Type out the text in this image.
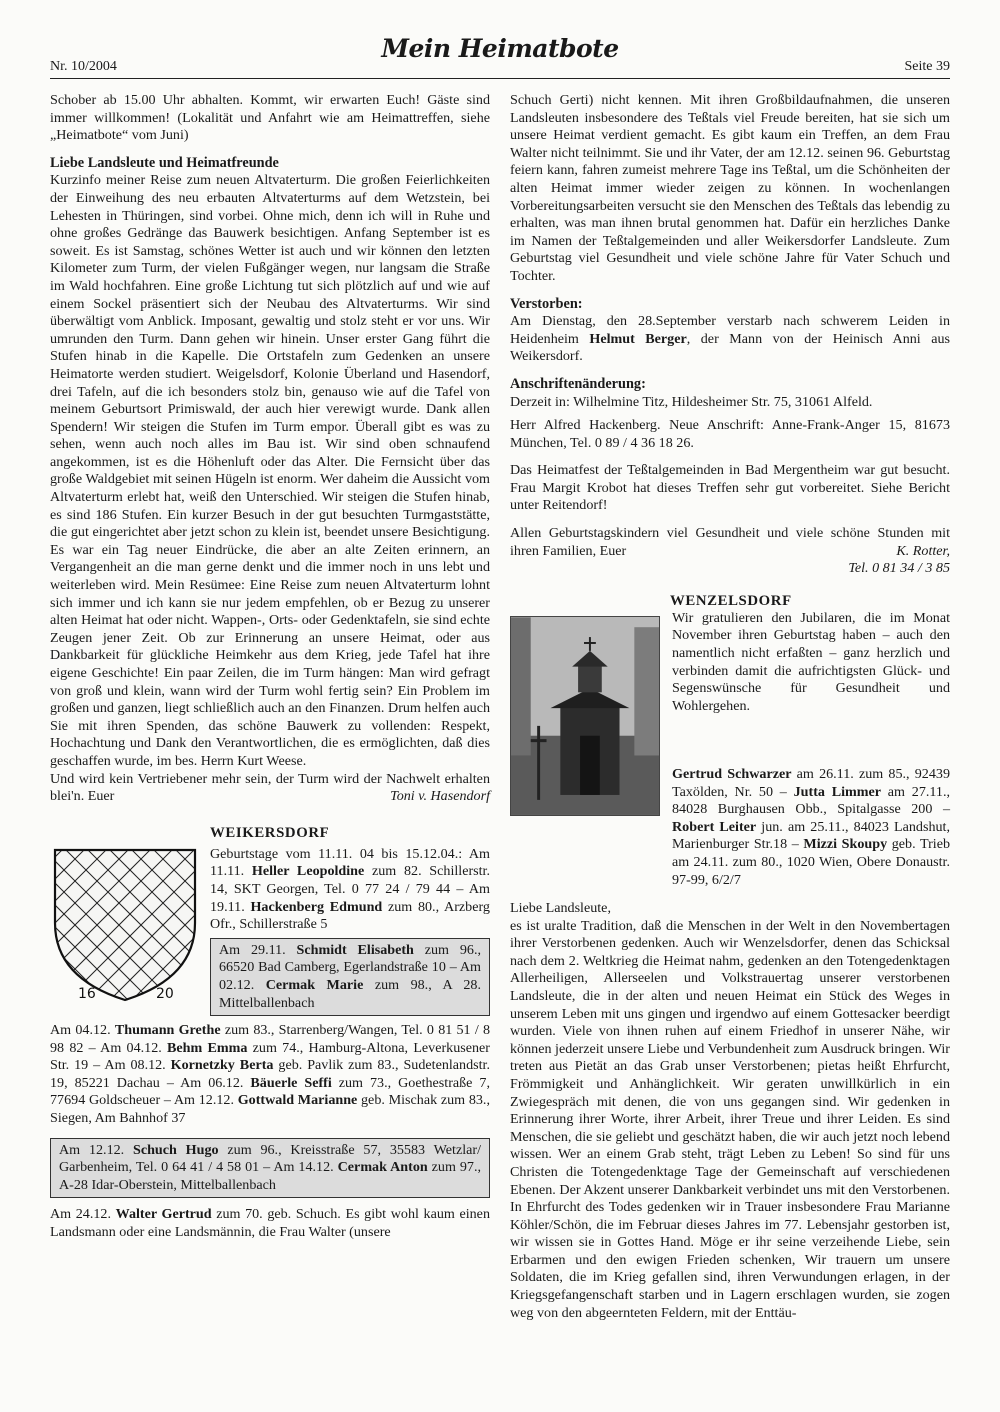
Nr. 10/2004
Mein Heimatbote
Seite 39

Schober ab 15.00 Uhr abhalten. Kommt, wir erwarten Euch! Gäste sind immer willkommen! (Lokalität und Anfahrt wie am Heimattreffen, siehe „Heimatbote“ vom Juni)

Liebe Landsleute und Heimatfreunde

Kurzinfo meiner Reise zum neuen Altvaterturm. Die großen Feierlichkeiten der Einweihung des neu erbauten Altvaterturms auf dem Wetzstein, bei Lehesten in Thüringen, sind vorbei. Ohne mich, denn ich will in Ruhe und ohne großes Gedränge das Bauwerk besichtigen. Anfang September ist es soweit. Es ist Samstag, schönes Wetter ist auch und wir können den letzten Kilometer zum Turm, der vielen Fußgänger wegen, nur langsam die Straße im Wald hochfahren. Eine große Lichtung tut sich plötzlich auf und wie auf einem Sockel präsentiert sich der Neubau des Altvaterturms. Wir sind überwältigt vom Anblick. Imposant, gewaltig und stolz steht er vor uns. Wir umrunden den Turm. Dann gehen wir hinein. Unser erster Gang führt die Stufen hinab in die Kapelle. Die Ortstafeln zum Gedenken an unsere Heimatorte werden studiert. Weigelsdorf, Kolonie Überland und Hasendorf, drei Tafeln, auf die ich besonders stolz bin, genauso wie auf die Tafel von meinem Geburtsort Primiswald, der auch hier verewigt wurde. Dank allen Spendern! Wir steigen die Stufen im Turm empor. Überall gibt es was zu sehen, wenn auch noch alles im Bau ist. Wir sind oben schnaufend angekommen, ist es die Höhenluft oder das Alter. Die Fernsicht über das große Waldgebiet mit seinen Hügeln ist enorm. Wer daheim die Aussicht vom Altvaterturm erlebt hat, weiß den Unterschied. Wir steigen die Stufen hinab, es sind 186 Stufen. Ein kurzer Besuch in der gut besuchten Turmgaststätte, die gut eingerichtet aber jetzt schon zu klein ist, beendet unsere Besichtigung. Es war ein Tag neuer Eindrücke, die aber an alte Zeiten erinnern, an Vergangenheit an die man gerne denkt und die immer noch in uns lebt und weiterleben wird. Mein Resümee: Eine Reise zum neuen Altvaterturm lohnt sich immer und ich kann sie nur jedem empfehlen, ob er Bezug zu unserer alten Heimat hat oder nicht. Wappen-, Orts- oder Gedenktafeln, sie sind echte Zeugen jener Zeit. Ob zur Erinnerung an unsere Heimat, oder aus Dankbarkeit für glückliche Heimkehr aus dem Krieg, jede Tafel hat ihre eigene Geschichte! Ein paar Zeilen, die im Turm hängen: Man wird gefragt von groß und klein, wann wird der Turm wohl fertig sein? Ein Problem im großen und ganzen, liegt schließlich auch an den Finanzen. Drum helfen auch Sie mit ihren Spenden, das schöne Bauwerk zu vollenden: Respekt, Hochachtung und Dank den Verantwortlichen, die es ermöglichten, daß dies geschaffen wurde, im bes. Herrn Kurt Weese.

Und wird kein Vertriebener mehr sein, der Turm wird der Nachwelt erhalten blei'n. Euer	Toni v. Hasendorf

16	20
WEIKERSDORF

Geburtstage vom 11.11. 04 bis 15.12.04.: Am 11.11. Heller Leopoldine zum 82. Schillerstr. 14, SKT Georgen, Tel. 0 77 24 / 79 44 – Am 19.11. Hackenberg Edmund zum 80., Arzberg Ofr., Schillerstraße 5

Am 29.11. Schmidt Elisabeth zum 96., 66520 Bad Camberg, Egerlandstraße 10 – Am 02.12. Cermak Marie zum 98., A 28. Mittelballenbach

Am 04.12. Thumann Grethe zum 83., Starrenberg/Wangen, Tel. 0 81 51 / 8 98 82 – Am 04.12. Behm Emma zum 74., Hamburg-Altona, Leverkusener Str. 19 – Am 08.12. Kornetzky Berta geb. Pavlik zum 83., Sudetenlandstr. 19, 85221 Dachau – Am 06.12. Bäuerle Seffi zum 73., Goethestraße 7, 77694 Goldscheuer – Am 12.12. Gottwald Marianne geb. Mischak zum 83., Siegen, Am Bahnhof 37

Am 12.12. Schuch Hugo zum 96., Kreisstraße 57, 35583 Wetzlar/ Garbenheim, Tel. 0 64 41 / 4 58 01 – Am 14.12. Cermak Anton zum 97., A-28 Idar-Oberstein, Mittelballenbach

Am 24.12. Walter Gertrud zum 70. geb. Schuch. Es gibt wohl kaum einen Landsmann oder eine Landsmännin, die Frau Walter (unsere

Schuch Gerti) nicht kennen. Mit ihren Großbildaufnahmen, die unseren Landsleuten insbesondere des Teßtals viel Freude bereiten, hat sie sich um unsere Heimat verdient gemacht. Es gibt kaum ein Treffen, an dem Frau Walter nicht teilnimmt. Sie und ihr Vater, der am 12.12. seinen 96. Geburtstag feiern kann, fahren zumeist mehrere Tage ins Teßtal, um die Schönheiten der alten Heimat immer wieder zeigen zu können. In wochenlangen Vorbereitungsarbeiten versucht sie den Menschen des Teßtals das lebendig zu erhalten, was man ihnen brutal genommen hat. Dafür ein herzliches Danke im Namen der Teßtalgemeinden und aller Weikersdorfer Landsleute. Zum Geburtstag viel Gesundheit und viele schöne Jahre für Vater Schuch und Tochter.

Verstorben:

Am Dienstag, den 28.September verstarb nach schwerem Leiden in Heidenheim Helmut Berger, der Mann von der Heinisch Anni aus Weikersdorf.

Anschriftenänderung:

Derzeit in: Wilhelmine Titz, Hildesheimer Str. 75, 31061 Alfeld.

Herr Alfred Hackenberg. Neue Anschrift: Anne-Frank-Anger 15, 81673 München, Tel. 0 89 / 4 36 18 26.

Das Heimatfest der Teßtalgemeinden in Bad Mergentheim war gut besucht. Frau Margit Krobot hat dieses Treffen sehr gut vorbereitet. Siehe Bericht unter Reitendorf!

Allen Geburtstagskindern viel Gesundheit und viele schöne Stunden mit ihren Familien, Euer	K. Rotter,

Tel. 0 81 34 / 3 85

WENZELSDORF

Wir gratulieren den Jubilaren, die im Monat November ihren Geburtstag haben – auch den namentlich nicht erfaßten – ganz herzlich und verbinden damit die aufrichtigsten Glück- und Segenswünsche für Gesundheit und Wohlergehen.

Gertrud Schwarzer am 26.11. zum 85., 92439 Taxölden, Nr. 50 – Jutta Limmer am 27.11., 84028 Burghausen Obb., Spitalgasse 200 – Robert Leiter jun. am 25.11., 84023 Landshut, Marienburger Str.18 – Mizzi Skoupy geb. Trieb am 24.11. zum 80., 1020 Wien, Obere Donaustr. 97-99, 6/2/7

Liebe Landsleute,

es ist uralte Tradition, daß die Menschen in der Welt in den Novembertagen ihrer Verstorbenen gedenken. Auch wir Wenzelsdorfer, denen das Schicksal nach dem 2. Weltkrieg die Heimat nahm, gedenken an den Totengedenktagen Allerheiligen, Allerseelen und Volkstrauertag unserer verstorbenen Landsleute, die in der alten und neuen Heimat ein Stück des Weges in unserem Leben mit uns gingen und irgendwo auf einem Gottesacker beerdigt wurden. Viele von ihnen ruhen auf einem Friedhof in unserer Nähe, wir können jederzeit unsere Liebe und Verbundenheit zum Ausdruck bringen. Wir treten aus Pietät an das Grab unser Verstorbenen; pietas heißt Ehrfurcht, Frömmigkeit und Anhänglichkeit. Wir geraten unwillkürlich in ein Zwiegespräch mit denen, die von uns gegangen sind. Wir gedenken in Erinnerung ihrer Worte, ihrer Arbeit, ihrer Treue und ihrer Leiden. Es sind Menschen, die sie geliebt und geschätzt haben, die wir auch jetzt noch lebend wissen. Wer an einem Grab steht, trägt Leben zu Leben! So sind für uns Christen die Totengedenktage Tage der Gemeinschaft auf verschiedenen Ebenen. Der Akzent unserer Dankbarkeit verbindet uns mit den Verstorbenen. In Ehrfurcht des Todes gedenken wir in Trauer insbesondere Frau Marianne Köhler/Schön, die im Februar dieses Jahres im 77. Lebensjahr gestorben ist, wir wissen sie in Gottes Hand. Möge er ihr seine verzeihende Liebe, sein Erbarmen und den ewigen Frieden schenken, Wir trauern um unsere Soldaten, die im Krieg gefallen sind, ihren Verwundungen erlagen, in der Kriegsgefangenschaft starben und in Lagern erschlagen wurden, sie zogen weg von den abgeernteten Feldern, mit der Enttäu-
